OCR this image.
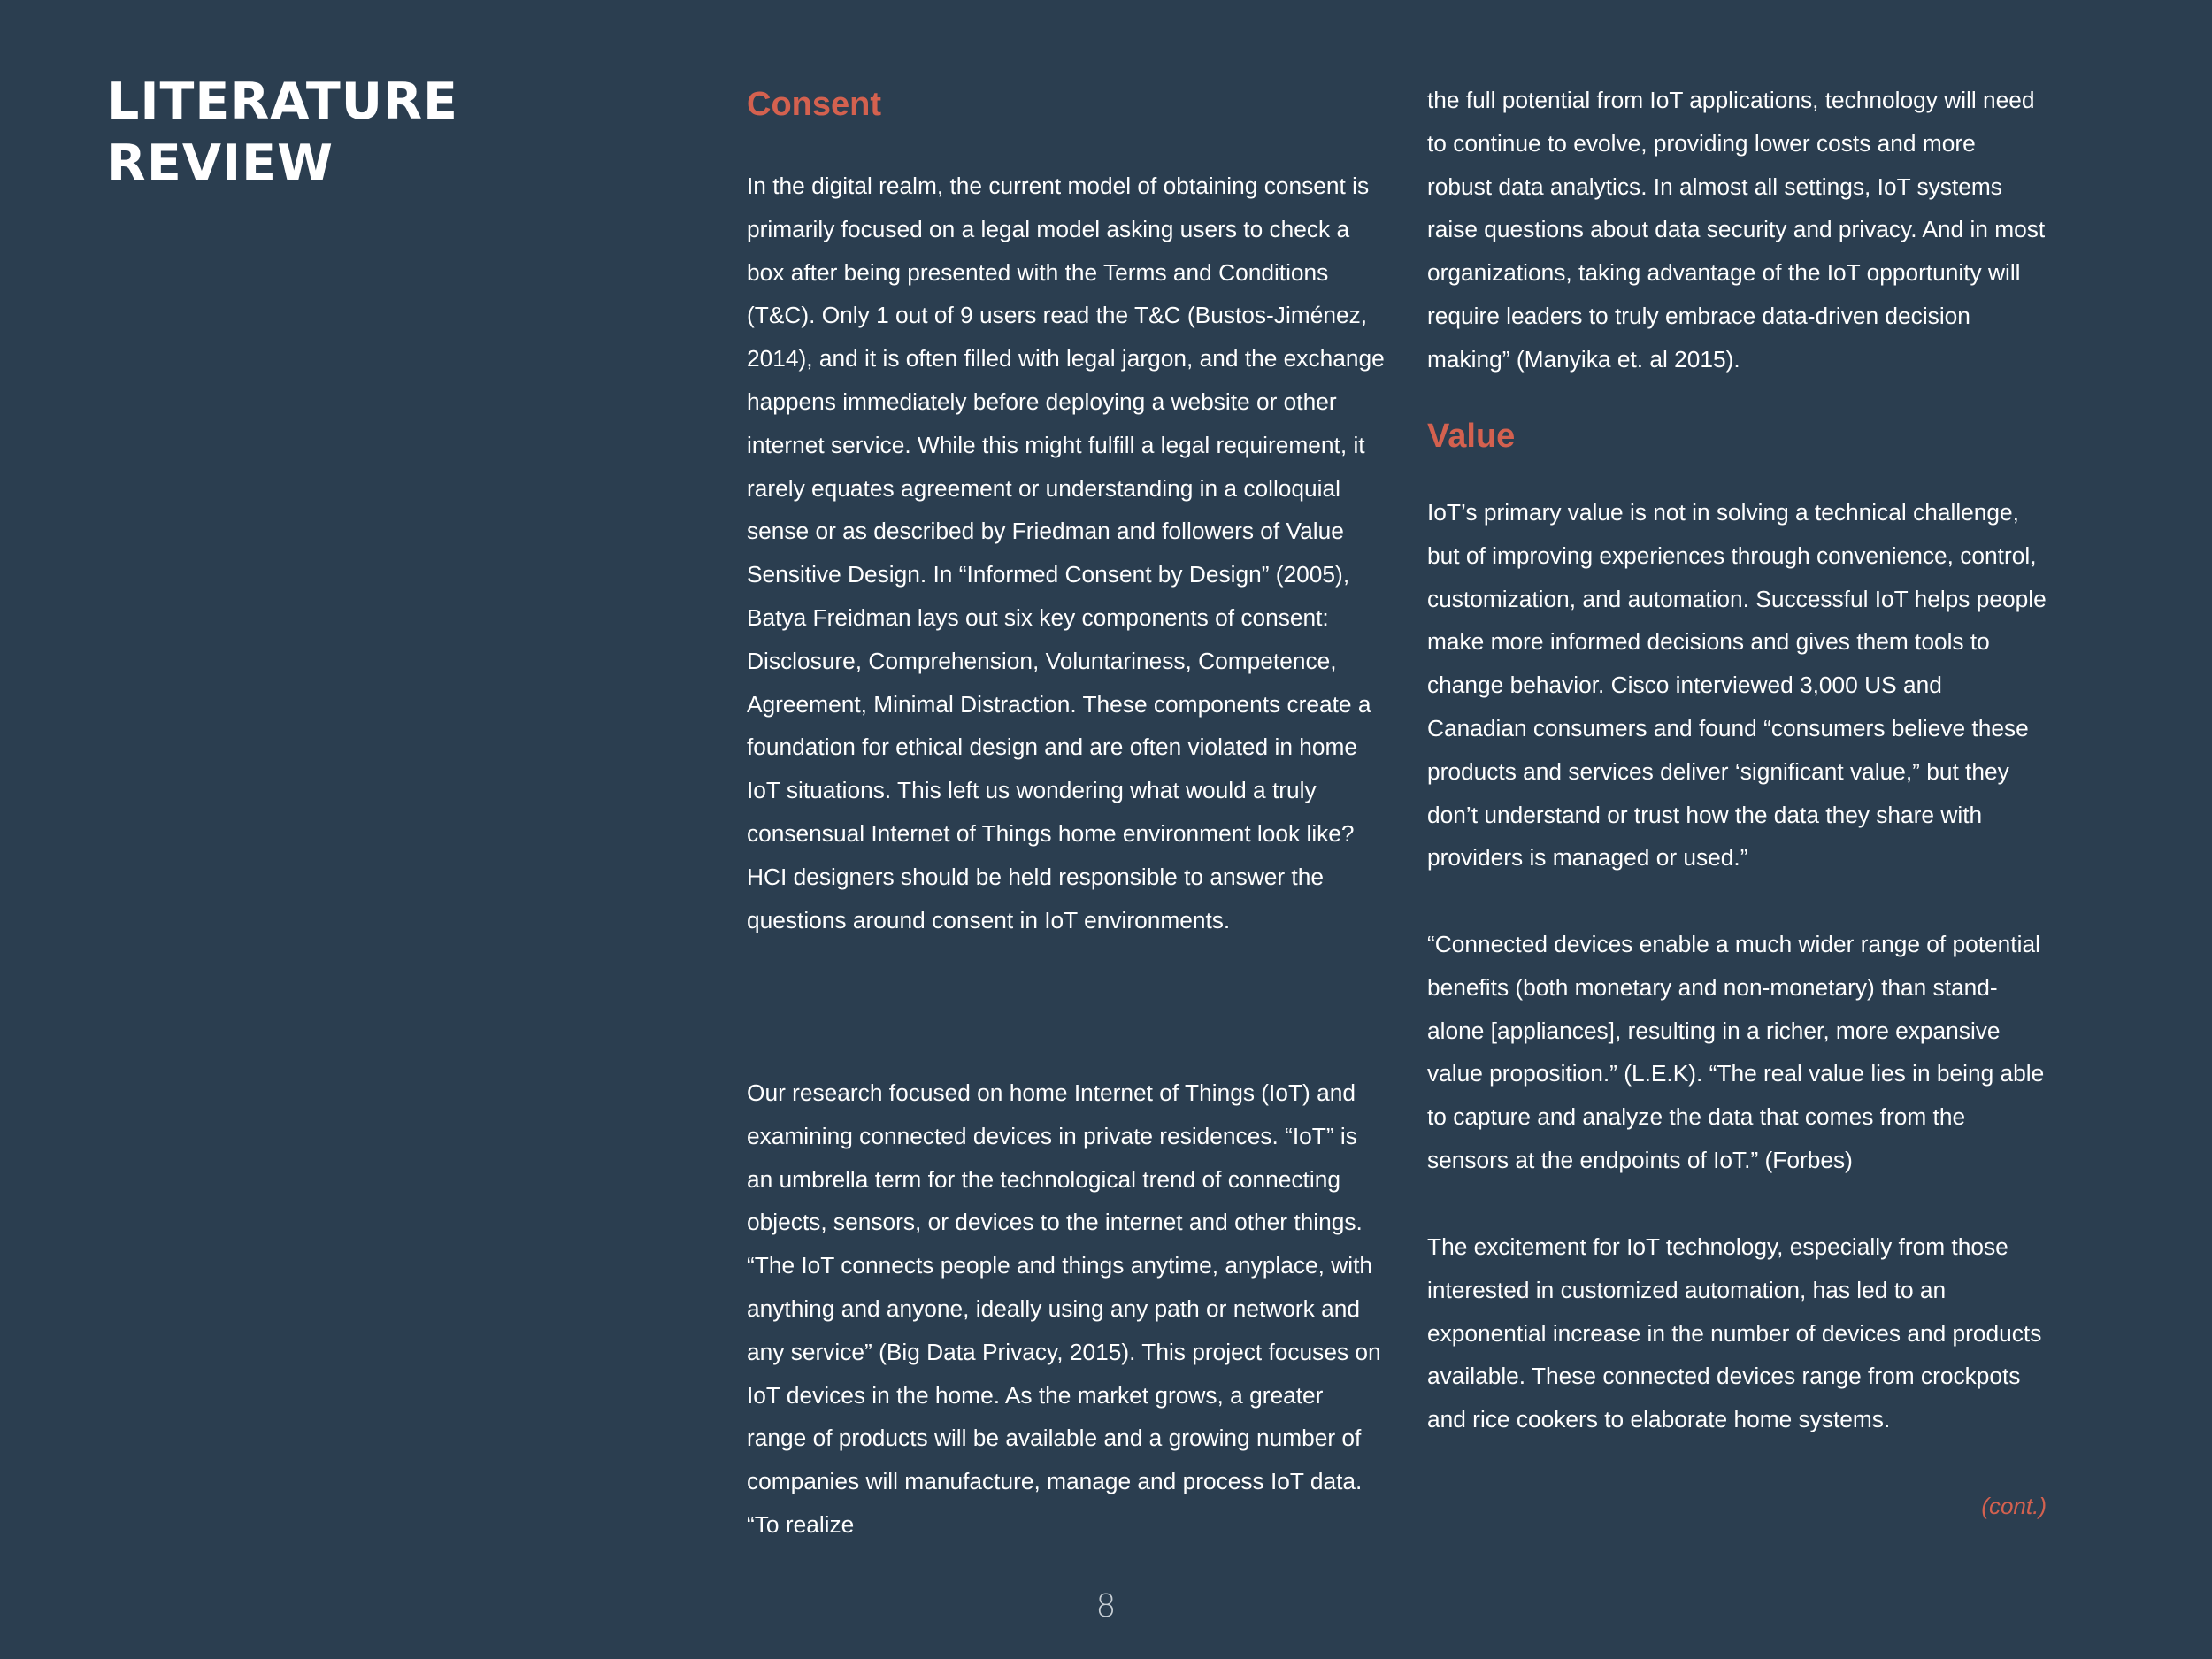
LITERATURE
REVIEW
Consent

In the digital realm, the current model of obtaining consent is primarily focused on a legal model asking users to check a box after being presented with the Terms and Conditions (T&C). Only 1 out of 9 users read the T&C (Bustos-Jiménez, 2014), and it is often filled with legal jargon, and the exchange happens immediately before deploying a website or other internet service. While this might fulfill a legal requirement, it rarely equates agreement or understanding in a colloquial sense or as described by Friedman and followers of Value Sensitive Design. In “Informed Consent by Design” (2005), Batya Freidman lays out six key components of consent: Disclosure, Comprehension, Voluntariness, Competence, Agreement, Minimal Distraction. These components create a foundation for ethical design and are often violated in home IoT situations. This left us wondering what would a truly consensual Internet of Things home environment look like? HCI designers should be held responsible to answer the questions around consent in IoT environments.

Our research focused on home Internet of Things (IoT) and examining connected devices in private residences. “IoT” is an umbrella term for the technological trend of connecting objects, sensors, or devices to the internet and other things. “The IoT connects people and things anytime, anyplace, with anything and anyone, ideally using any path or network and any service” (Big Data Privacy, 2015). This project focuses on IoT devices in the home. As the market grows, a greater range of products will be available and a growing number of companies will manufacture, manage and process IoT data. “To realize

the full potential from IoT applications, technology will need to continue to evolve, providing lower costs and more robust data analytics. In almost all settings, IoT systems raise questions about data security and privacy. And in most organizations, taking advantage of the IoT opportunity will require leaders to truly embrace data-driven decision making” (Manyika et. al 2015).

Value

IoT’s primary value is not in solving a technical challenge, but of improving experiences through convenience, control, customization, and automation. Successful IoT helps people make more informed decisions and gives them tools to change behavior. Cisco interviewed 3,000 US and Canadian consumers and found “consumers believe these products and services deliver ‘significant value,” but they don’t understand or trust how the data they share with providers is managed or used.”

“Connected devices enable a much wider range of potential benefits (both monetary and non-monetary) than stand-alone [appliances], resulting in a richer, more expansive value proposition.” (L.E.K). “The real value lies in being able to capture and analyze the data that comes from the sensors at the endpoints of IoT.” (Forbes)

The excitement for IoT technology, especially from those interested in customized automation, has led to an exponential increase in the number of devices and products available. These connected devices range from crockpots and rice cookers to elaborate home systems.

(cont.)

8
